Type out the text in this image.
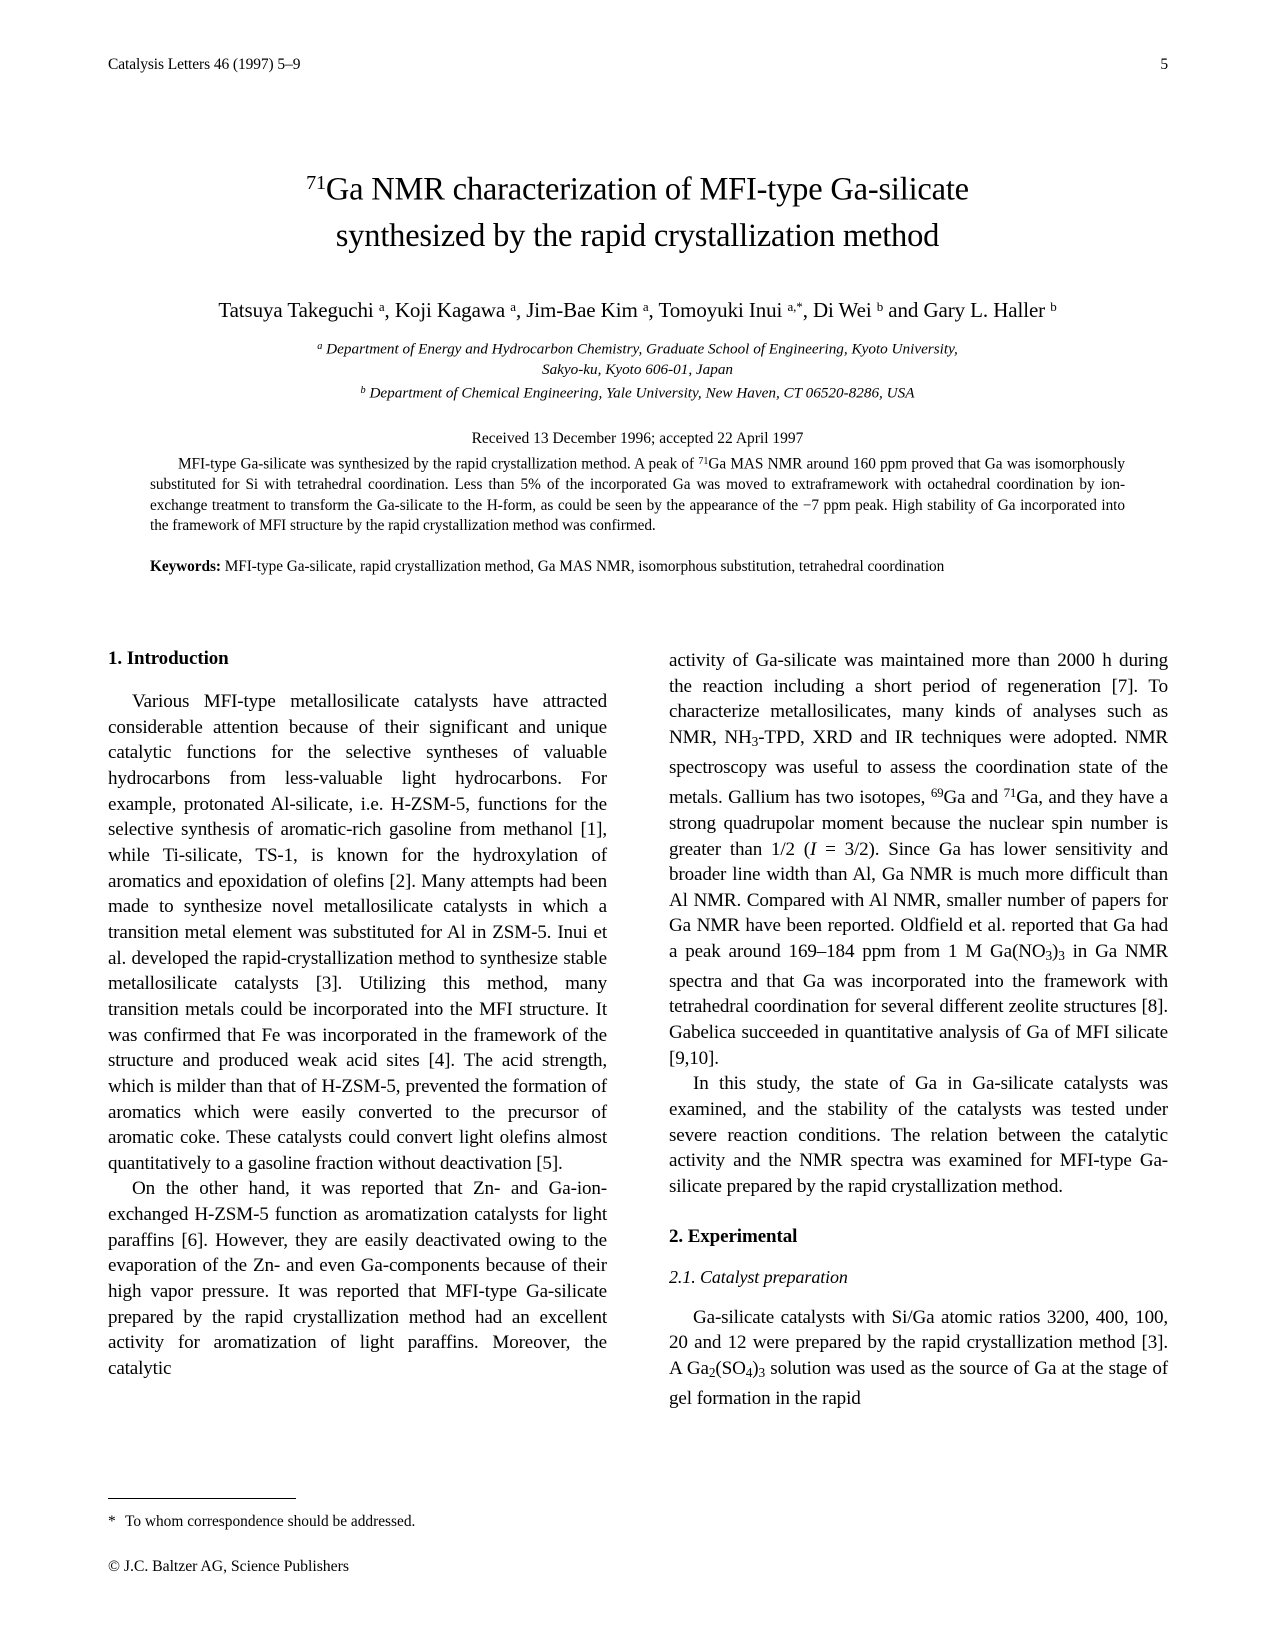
Catalysis Letters 46 (1997) 5–9	5
$^{71}$Ga NMR characterization of MFI-type Ga-silicate
synthesized by the rapid crystallization method
Tatsuya Takeguchi $^a$, Koji Kagawa $^a$, Jim-Bae Kim $^a$, Tomoyuki Inui $^{a,*}$, Di Wei $^b$ and Gary L. Haller $^b$
$^a$ Department of Energy and Hydrocarbon Chemistry, Graduate School of Engineering, Kyoto University,
Sakyo-ku, Kyoto 606-01, Japan
$^b$ Department of Chemical Engineering, Yale University, New Haven, CT 06520-8286, USA
Received 13 December 1996; accepted 22 April 1997

MFI-type Ga-silicate was synthesized by the rapid crystallization method. A peak of $^{71}$Ga MAS NMR around 160 ppm proved that Ga was isomorphously substituted for Si with tetrahedral coordination. Less than 5% of the incorporated Ga was moved to extraframework with octahedral coordination by ion-exchange treatment to transform the Ga-silicate to the H-form, as could be seen by the appearance of the −7 ppm peak. High stability of Ga incorporated into the framework of MFI structure by the rapid crystallization method was confirmed.

Keywords: MFI-type Ga-silicate, rapid crystallization method, Ga MAS NMR, isomorphous substitution, tetrahedral coordination

1. Introduction

Various MFI-type metallosilicate catalysts have attracted considerable attention because of their significant and unique catalytic functions for the selective syntheses of valuable hydrocarbons from less-valuable light hydrocarbons. For example, protonated Al-silicate, i.e. H-ZSM-5, functions for the selective synthesis of aromatic-rich gasoline from methanol [1], while Ti-silicate, TS-1, is known for the hydroxylation of aromatics and epoxidation of olefins [2]. Many attempts had been made to synthesize novel metallosilicate catalysts in which a transition metal element was substituted for Al in ZSM-5. Inui et al. developed the rapid-crystallization method to synthesize stable metallosilicate catalysts [3]. Utilizing this method, many transition metals could be incorporated into the MFI structure. It was confirmed that Fe was incorporated in the framework of the structure and produced weak acid sites [4]. The acid strength, which is milder than that of H-ZSM-5, prevented the formation of aromatics which were easily converted to the precursor of aromatic coke. These catalysts could convert light olefins almost quantitatively to a gasoline fraction without deactivation [5].

On the other hand, it was reported that Zn- and Ga-ion-exchanged H-ZSM-5 function as aromatization catalysts for light paraffins [6]. However, they are easily deactivated owing to the evaporation of the Zn- and even Ga-components because of their high vapor pressure. It was reported that MFI-type Ga-silicate prepared by the rapid crystallization method had an excellent activity for aromatization of light paraffins. Moreover, the catalytic

activity of Ga-silicate was maintained more than 2000 h during the reaction including a short period of regeneration [7]. To characterize metallosilicates, many kinds of analyses such as NMR, $NH_3$-TPD, XRD and IR techniques were adopted. NMR spectroscopy was useful to assess the coordination state of the metals. Gallium has two isotopes, $^{69}$Ga and $^{71}$Ga, and they have a strong quadrupolar moment because the nuclear spin number is greater than 1/2 (I = 3/2). Since Ga has lower sensitivity and broader line width than Al, Ga NMR is much more difficult than Al NMR. Compared with Al NMR, smaller number of papers for Ga NMR have been reported. Oldfield et al. reported that Ga had a peak around 169–184 ppm from 1 M $Ga(NO_3)_3$ in Ga NMR spectra and that Ga was incorporated into the framework with tetrahedral coordination for several different zeolite structures [8]. Gabelica succeeded in quantitative analysis of Ga of MFI silicate [9,10].

In this study, the state of Ga in Ga-silicate catalysts was examined, and the stability of the catalysts was tested under severe reaction conditions. The relation between the catalytic activity and the NMR spectra was examined for MFI-type Ga-silicate prepared by the rapid crystallization method.

2. Experimental
2.1. Catalyst preparation

Ga-silicate catalysts with Si/Ga atomic ratios 3200, 400, 100, 20 and 12 were prepared by the rapid crystallization method [3]. A $Ga_2(SO_4)_3$ solution was used as the source of Ga at the stage of gel formation in the rapid

* To whom correspondence should be addressed.
© J.C. Baltzer AG, Science Publishers
